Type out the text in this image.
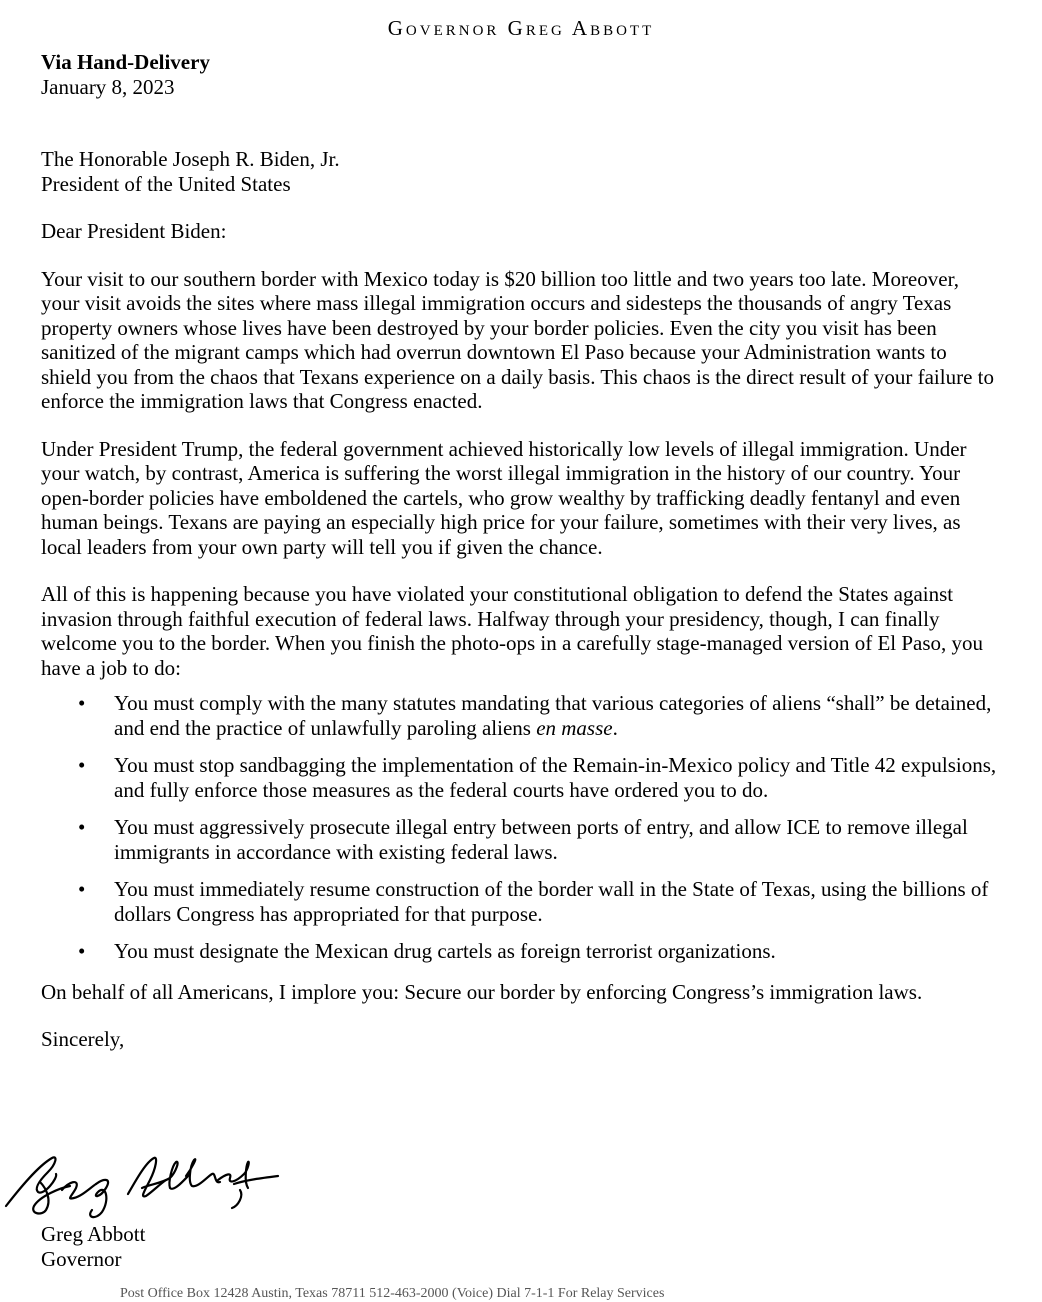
Governor Greg Abbott
Via Hand-Delivery
January 8, 2023
The Honorable Joseph R. Biden, Jr.
President of the United States

Dear President Biden:

Your visit to our southern border with Mexico today is $20 billion too little and two years too late. Moreover, your visit avoids the sites where mass illegal immigration occurs and sidesteps the thousands of angry Texas property owners whose lives have been destroyed by your border policies. Even the city you visit has been sanitized of the migrant camps which had overrun downtown El Paso because your Administration wants to shield you from the chaos that Texans experience on a daily basis. This chaos is the direct result of your failure to enforce the immigration laws that Congress enacted.

Under President Trump, the federal government achieved historically low levels of illegal immigration. Under your watch, by contrast, America is suffering the worst illegal immigration in the history of our country. Your open-border policies have emboldened the cartels, who grow wealthy by trafficking deadly fentanyl and even human beings. Texans are paying an especially high price for your failure, sometimes with their very lives, as local leaders from your own party will tell you if given the chance.

All of this is happening because you have violated your constitutional obligation to defend the States against invasion through faithful execution of federal laws. Halfway through your presidency, though, I can finally welcome you to the border. When you finish the photo-ops in a carefully stage-managed version of El Paso, you have a job to do:

• You must comply with the many statutes mandating that various categories of aliens “shall” be detained, and end the practice of unlawfully paroling aliens en masse.
• You must stop sandbagging the implementation of the Remain-in-Mexico policy and Title 42 expulsions, and fully enforce those measures as the federal courts have ordered you to do.
• You must aggressively prosecute illegal entry between ports of entry, and allow ICE to remove illegal immigrants in accordance with existing federal laws.
• You must immediately resume construction of the border wall in the State of Texas, using the billions of dollars Congress has appropriated for that purpose.
• You must designate the Mexican drug cartels as foreign terrorist organizations.

On behalf of all Americans, I implore you: Secure our border by enforcing Congress’s immigration laws.

Sincerely,

Greg Abbott
Governor
Post Office Box 12428 Austin, Texas 78711 512-463-2000 (Voice) Dial 7-1-1 For Relay Services
